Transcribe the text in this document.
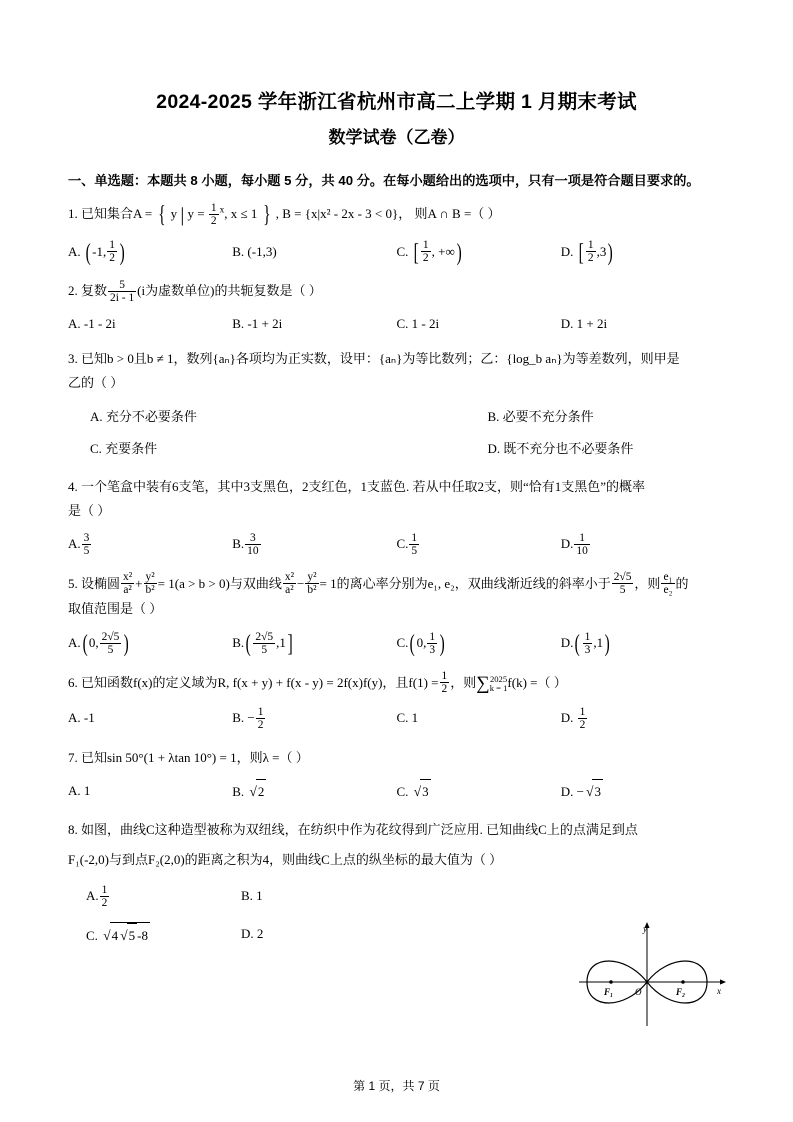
2024-2025 学年浙江省杭州市高二上学期 1 月期末考试
数学试卷（乙卷）
一、单选题：本题共 8 小题，每小题 5 分，共 40 分。在每小题给出的选项中，只有一项是符合题目要求的。
1. 已知集合A = { y | $y = \frac{1}{2} ^x$, x ≤ 1 } , B = {x|x² - 2x - 3 < 0}， 则A ∩ B =（ ）
A. ( -1, $\frac{1}{2}$ )	B. (-1,3)	C. [ $\frac{1}{2}$ , +∞)	D. [ $\frac{1}{2} ,3$)
2. 复数 $\frac{5}{2i - 1} (i$为虚数单位)的共轭复数是（ ）
A. -1 - 2i	B. -1 + 2i	C. 1 - 2i	D. 1 + 2i
3. 已知b > 0且b ≠ 1，数列{aₙ}各项均为正实数，设甲：{aₙ}为等比数列；乙：{log_b aₙ}为等差数列，则甲是
乙的（ ）
A. 充分不必要条件	B. 必要不充分条件
C. 充要条件	D. 既不充分也不必要条件
4. 一个笔盒中装有6支笔，其中3支黑色，2支红色，1支蓝色. 若从中任取2支，则“恰有1支黑色”的概率
是（ ）
A. $\frac{3}{5}$	B. $\frac{3}{10}$	C. $\frac{1}{5}$	D. $\frac{1}{10}$
5. 设椭圆 $\frac{\text{x²}}{\text{a²}} + \frac{\text{y²}}{\text{b²}} = 1(a > b > 0)$与双曲线 $\frac{\text{x²}}{\text{a²}} - \frac{\text{y²}}{\text{b²}} = 1$的离心率分别为e₁, e₂，双曲线渐近线的斜率小于 $\frac{2√5}{5}$ ，则 $\frac{\text{e₁}}{\text{e₂}}$ 的
取值范围是（ ）
A.( 0, $\frac{2√5}{5}$ )	$B.( \frac{2√5}{5} ,1]$	C.( 0, $\frac{1}{3}$ )	$D.( \frac{1}{3} ,1)$
6. 已知函数f(x)的定义域为R, f(x + y) + f(x - y) = 2f(x)f(y)，且$f(1) = \frac{1}{2}$ ，则∑ 2025
k = 1 f(k) =（ ）
A. -1	B. − $\frac{1}{2}$	C. 1	D. $\frac{1}{2}$
7. 已知sin 50°(1 + λtan 10°) = 1，则λ =（ ）
A. 1	B. √2	C. √3	D. − √3
8. 如图，曲线C这种造型被称为双纽线，在纺织中作为花纹得到广泛应用. 已知曲线C上的点满足到点
F₁(-2,0)与到点F₂(2,0)的距离之积为4，则曲线C上点的纵坐标的最大值为（ ）
A. $\frac{1}{2}$	B. 1
C. √4 √5 -8	D. 2	y
x
O
F₁	F₂
第 1 页，共 7 页
